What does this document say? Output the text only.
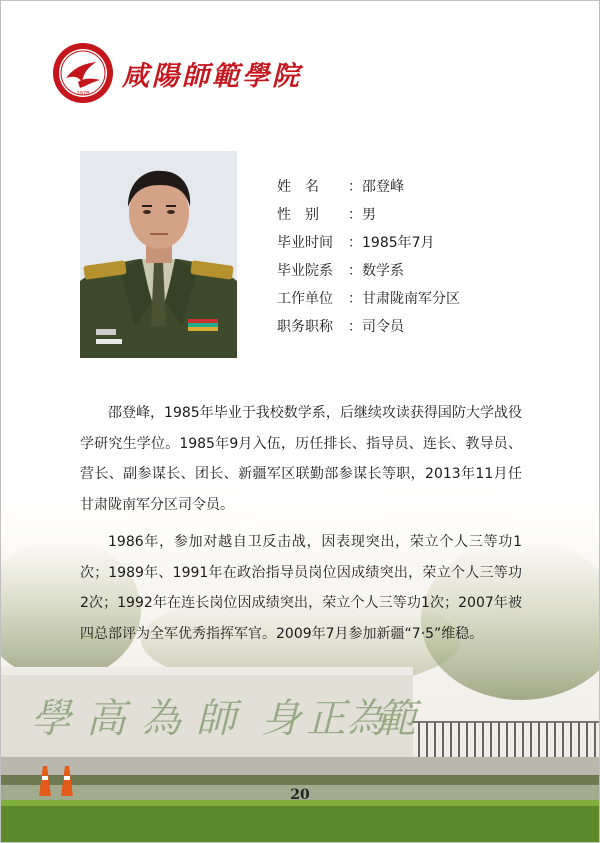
學 高 為 師 身 正 為
範
1978
咸陽師範學院
姓　名 ：邵登峰
性　别 ：男
毕业时间 ：1985年7月
毕业院系 ：数学系
工作单位 ：甘肃陇南军分区
职务职称 ：司令员

邵登峰，1985年毕业于我校数学系，后继续攻读获得国防大学战役学研究生学位。1985年9月入伍，历任排长、指导员、连长、教导员、营长、副参谋长、团长、新疆军区联勤部参谋长等职，2013年11月任甘肃陇南军分区司令员。

1986年，参加对越自卫反击战，因表现突出，荣立个人三等功1次；1989年、1991年在政治指导员岗位因成绩突出，荣立个人三等功2次；1992年在连长岗位因成绩突出，荣立个人三等功1次；2007年被四总部评为全军优秀指挥军官。2009年7月参加新疆“7·5”维稳。

20
